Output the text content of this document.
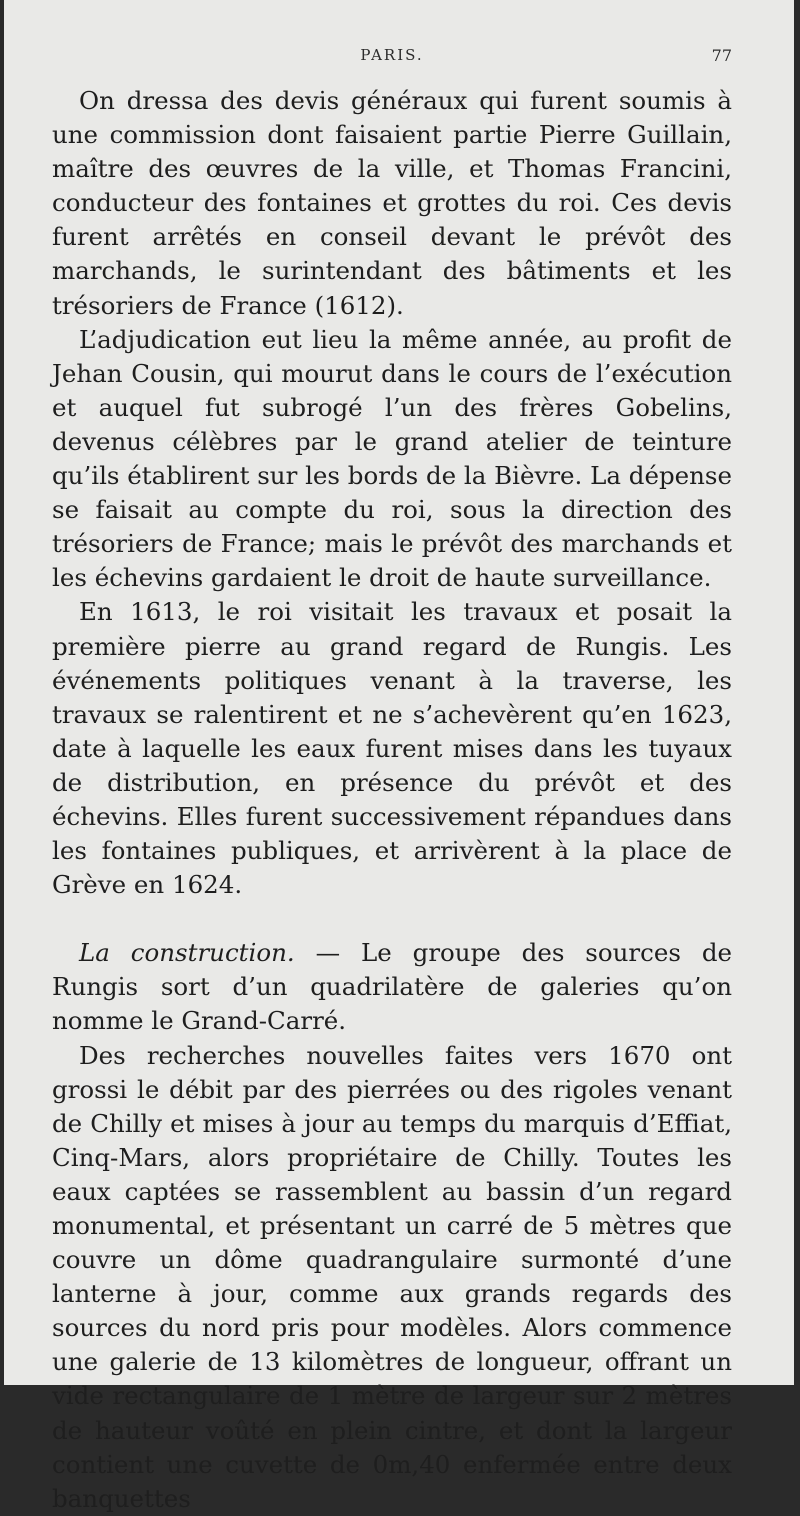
PARIS.	77

On dressa des devis généraux qui furent soumis à une commission dont faisaient partie Pierre Guillain, maître des œuvres de la ville, et Thomas Francini, conducteur des fontaines et grottes du roi. Ces devis furent arrêtés en conseil devant le prévôt des marchands, le surintendant des bâtiments et les trésoriers de France (1612).

L’adjudication eut lieu la même année, au profit de Jehan Cousin, qui mourut dans le cours de l’exécution et auquel fut subrogé l’un des frères Gobelins, devenus célèbres par le grand atelier de teinture qu’ils établirent sur les bords de la Bièvre. La dépense se faisait au compte du roi, sous la direction des trésoriers de France; mais le prévôt des marchands et les échevins gardaient le droit de haute surveillance.

En 1613, le roi visitait les travaux et posait la première pierre au grand regard de Rungis. Les événements politiques venant à la traverse, les travaux se ralentirent et ne s’achevèrent qu’en 1623, date à laquelle les eaux furent mises dans les tuyaux de distribution, en présence du prévôt et des échevins. Elles furent successivement répandues dans les fontaines publiques, et arrivèrent à la place de Grève en 1624.

La construction. — Le groupe des sources de Rungis sort d’un quadrilatère de galeries qu’on nomme le Grand-Carré.

Des recherches nouvelles faites vers 1670 ont grossi le débit par des pierrées ou des rigoles venant de Chilly et mises à jour au temps du marquis d’Effiat, Cinq-Mars, alors propriétaire de Chilly. Toutes les eaux captées se rassemblent au bassin d’un regard monumental, et présentant un carré de 5 mètres que couvre un dôme quadrangulaire surmonté d’une lanterne à jour, comme aux grands regards des sources du nord pris pour modèles. Alors commence une galerie de 13 kilomètres de longueur, offrant un vide rectangulaire de 1 mètre de largeur sur 2 mètres de hauteur voûté en plein cintre, et dont la largeur contient une cuvette de 0m,40 enfermée entre deux banquettes
